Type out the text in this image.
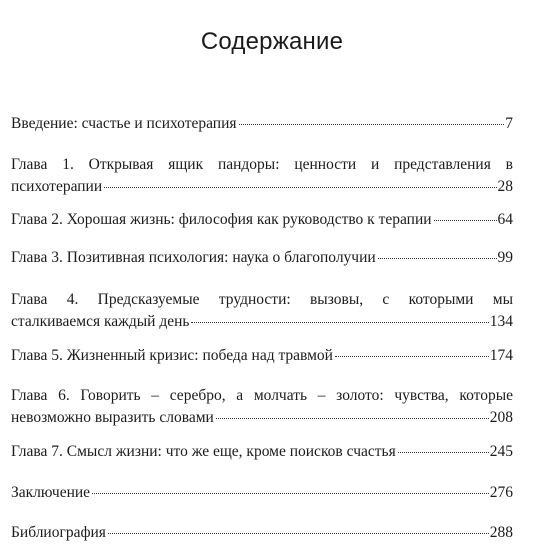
Содержание
Введение: счастье и психотерапия	7
Глава 1. Открывая ящик пандоры: ценности и представления в
психотерапии	28
Глава 2. Хорошая жизнь: философия как руководство к терапии	64
Глава 3. Позитивная психология: наука о благополучии	99
Глава 4. Предсказуемые трудности: вызовы, с которыми мы
сталкиваемся каждый день	134
Глава 5. Жизненный кризис: победа над травмой	174
Глава 6. Говорить – серебро, а молчать – золото: чувства, которые
невозможно выразить словами	208
Глава 7. Смысл жизни: что же еще, кроме поисков счастья	245
Заключение	276
Библиография	288
